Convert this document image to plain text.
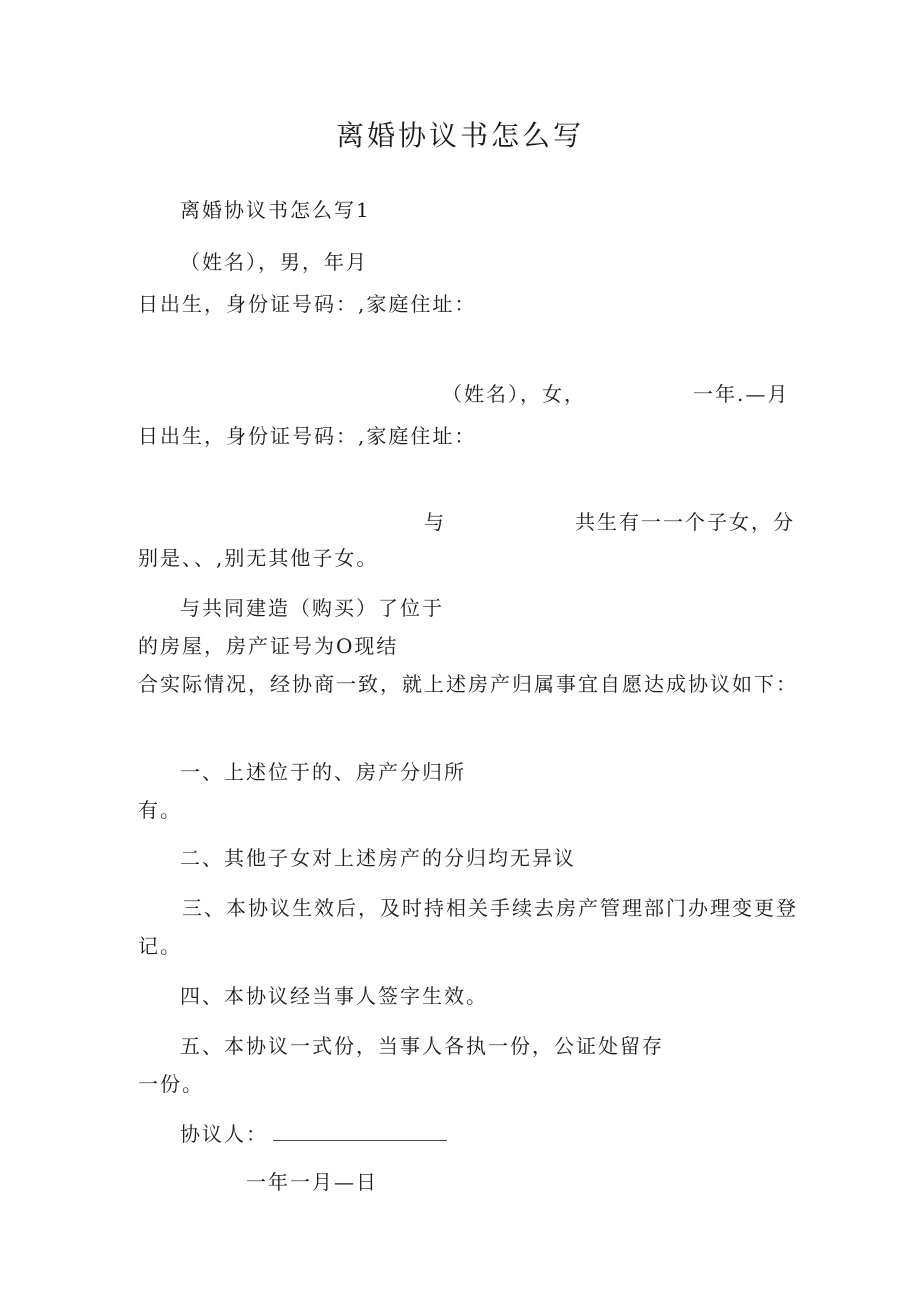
离婚协议书怎么写
离婚协议书怎么写1
（姓名），男，年月
日出生，身份证号码：,家庭住址：
（姓名），女，	一年.—月
日出生，身份证号码：,家庭住址：
与	共生有一一个子女，分
别是、、,别无其他子女。
与共同建造（购买）了位于
的房屋，房产证号为O现结
合实际情况，经协商一致，就上述房产归属事宜自愿达成协议如下：
一、上述位于的、房产分归所
有。
二、其他子女对上述房产的分归均无异议
三、本协议生效后，及时持相关手续去房产管理部门办理变更登
记。
四、本协议经当事人签字生效。
五、本协议一式份，当事人各执一份，公证处留存
一份。
协议人：
一年一月—日
